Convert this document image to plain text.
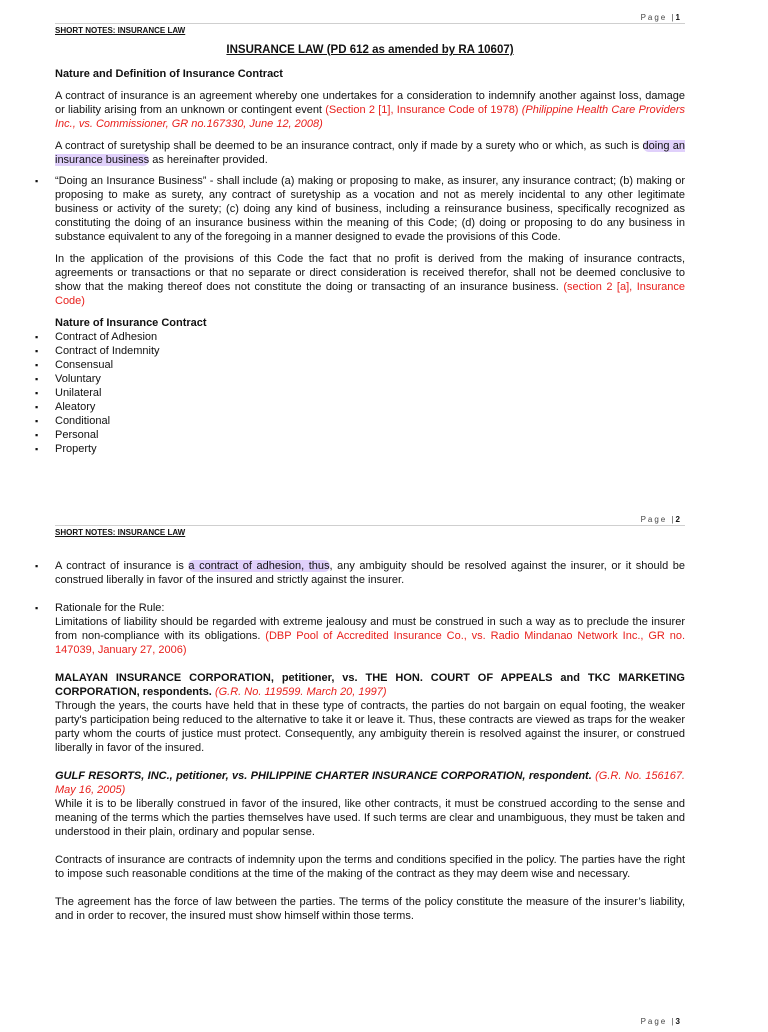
Page |1
SHORT NOTES: INSURANCE LAW

INSURANCE LAW (PD 612 as amended by RA 10607)

Nature and Definition of Insurance Contract

A contract of insurance is an agreement whereby one undertakes for a consideration to indemnify another against loss, damage or liability arising from an unknown or contingent event (Section 2 [1], Insurance Code of 1978) (Philippine Health Care Providers Inc., vs. Commissioner, GR no.167330, June 12, 2008)

A contract of suretyship shall be deemed to be an insurance contract, only if made by a surety who or which, as such is doing an insurance business as hereinafter provided.

▪ “Doing an Insurance Business” - shall include (a) making or proposing to make, as insurer, any insurance contract; (b) making or proposing to make as surety, any contract of suretyship as a vocation and not as merely incidental to any other legitimate business or activity of the surety; (c) doing any kind of business, including a reinsurance business, specifically recognized as constituting the doing of an insurance business within the meaning of this Code; (d) doing or proposing to do any business in substance equivalent to any of the foregoing in a manner designed to evade the provisions of this Code.

In the application of the provisions of this Code the fact that no profit is derived from the making of insurance contracts, agreements or transactions or that no separate or direct consideration is received therefor, shall not be deemed conclusive to show that the making thereof does not constitute the doing or transacting of an insurance business. (section 2 [a], Insurance Code)

Nature of Insurance Contract

▪ Contract of Adhesion
▪ Contract of Indemnity
▪ Consensual
▪ Voluntary
▪ Unilateral
▪ Aleatory
▪ Conditional
▪ Personal
▪ Property
Page |2
SHORT NOTES: INSURANCE LAW

▪ A contract of insurance is a contract of adhesion, thus, any ambiguity should be resolved against the insurer, or it should be construed liberally in favor of the insured and strictly against the insurer.

▪ Rationale for the Rule:

Limitations of liability should be regarded with extreme jealousy and must be construed in such a way as to preclude the insurer from non-compliance with its obligations. (DBP Pool of Accredited Insurance Co., vs. Radio Mindanao Network Inc., GR no. 147039, January 27, 2006)

MALAYAN INSURANCE CORPORATION, petitioner, vs. THE HON. COURT OF APPEALS and TKC MARKETING CORPORATION, respondents. (G.R. No. 119599. March 20, 1997)

Through the years, the courts have held that in these type of contracts, the parties do not bargain on equal footing, the weaker party's participation being reduced to the alternative to take it or leave it. Thus, these contracts are viewed as traps for the weaker party whom the courts of justice must protect. Consequently, any ambiguity therein is resolved against the insurer, or construed liberally in favor of the insured.

GULF RESORTS, INC., petitioner, vs. PHILIPPINE CHARTER INSURANCE CORPORATION, respondent. (G.R. No. 156167. May 16, 2005)

While it is to be liberally construed in favor of the insured, like other contracts, it must be construed according to the sense and meaning of the terms which the parties themselves have used. If such terms are clear and unambiguous, they must be taken and understood in their plain, ordinary and popular sense.

Contracts of insurance are contracts of indemnity upon the terms and conditions specified in the policy. The parties have the right to impose such reasonable conditions at the time of the making of the contract as they may deem wise and necessary.

The agreement has the force of law between the parties. The terms of the policy constitute the measure of the insurer’s liability, and in order to recover, the insured must show himself within those terms.

Page |3
